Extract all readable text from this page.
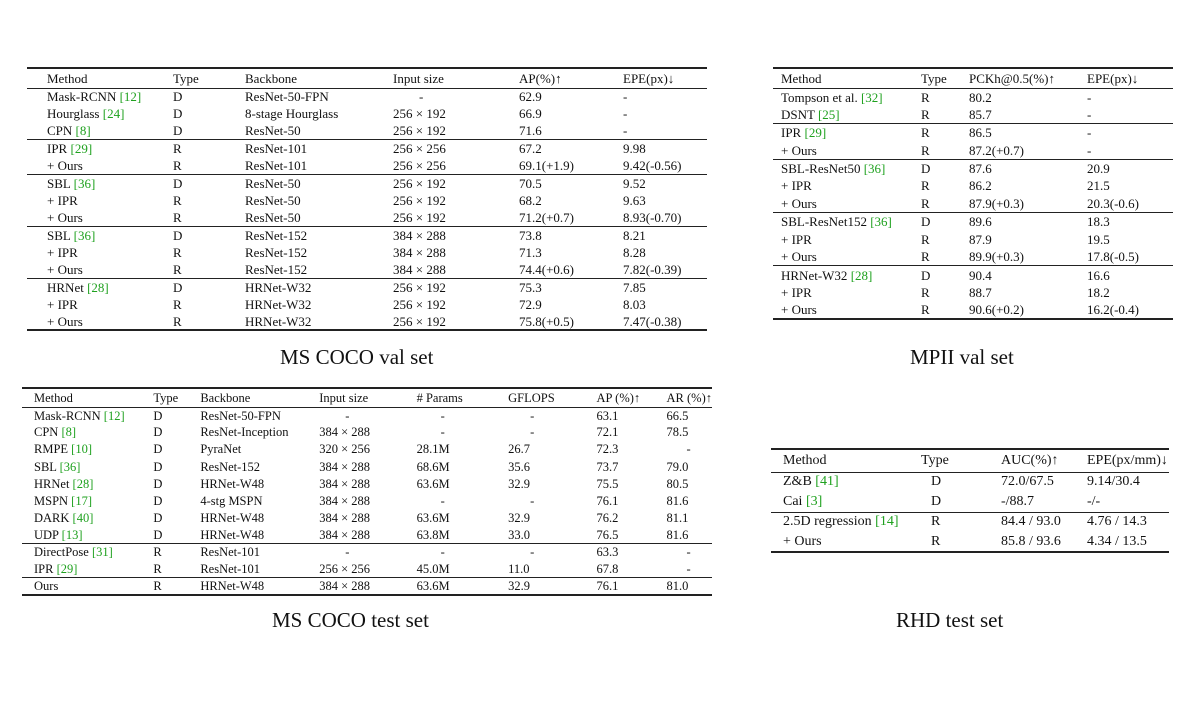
Method	Type	Backbone	Input size	AP(%)↑	EPE(px)↓
Mask-RCNN [12]	D	ResNet-50-FPN	-	62.9	-
Hourglass [24]	D	8-stage Hourglass	256 × 192	66.9	-
CPN [8]	D	ResNet-50	256 × 192	71.6	-
IPR [29]	R	ResNet-101	256 × 256	67.2	9.98
+ Ours	R	ResNet-101	256 × 256	69.1(+1.9)	9.42(-0.56)
SBL [36]	D	ResNet-50	256 × 192	70.5	9.52
+ IPR	R	ResNet-50	256 × 192	68.2	9.63
+ Ours	R	ResNet-50	256 × 192	71.2(+0.7)	8.93(-0.70)
SBL [36]	D	ResNet-152	384 × 288	73.8	8.21
+ IPR	R	ResNet-152	384 × 288	71.3	8.28
+ Ours	R	ResNet-152	384 × 288	74.4(+0.6)	7.82(-0.39)
HRNet [28]	D	HRNet-W32	256 × 192	75.3	7.85
+ IPR	R	HRNet-W32	256 × 192	72.9	8.03
+ Ours	R	HRNet-W32	256 × 192	75.8(+0.5)	7.47(-0.38)
MS COCO val set
Method	Type	PCKh@0.5(%)↑	EPE(px)↓
Tompson et al. [32]	R	80.2	-
DSNT [25]	R	85.7	-
IPR [29]	R	86.5	-
+ Ours	R	87.2(+0.7)	-
SBL-ResNet50 [36]	D	87.6	20.9
+ IPR	R	86.2	21.5
+ Ours	R	87.9(+0.3)	20.3(-0.6)
SBL-ResNet152 [36]	D	89.6	18.3
+ IPR	R	87.9	19.5
+ Ours	R	89.9(+0.3)	17.8(-0.5)
HRNet-W32 [28]	D	90.4	16.6
+ IPR	R	88.7	18.2
+ Ours	R	90.6(+0.2)	16.2(-0.4)
MPII val set
Method	Type	Backbone	Input size	# Params	GFLOPS	AP (%)↑	AR (%)↑
Mask-RCNN [12]	D	ResNet-50-FPN	-	-	-	63.1	66.5
CPN [8]	D	ResNet-Inception	384 × 288	-	-	72.1	78.5
RMPE [10]	D	PyraNet	320 × 256	28.1M	26.7	72.3	-
SBL [36]	D	ResNet-152	384 × 288	68.6M	35.6	73.7	79.0
HRNet [28]	D	HRNet-W48	384 × 288	63.6M	32.9	75.5	80.5
MSPN [17]	D	4-stg MSPN	384 × 288	-	-	76.1	81.6
DARK [40]	D	HRNet-W48	384 × 288	63.6M	32.9	76.2	81.1
UDP [13]	D	HRNet-W48	384 × 288	63.8M	33.0	76.5	81.6
DirectPose [31]	R	ResNet-101	-	-	-	63.3	-
IPR [29]	R	ResNet-101	256 × 256	45.0M	11.0	67.8	-
Ours	R	HRNet-W48	384 × 288	63.6M	32.9	76.1	81.0
MS COCO test set
Method	Type	AUC(%)↑	EPE(px/mm)↓
Z&B [41]	D	72.0/67.5	9.14/30.4
Cai [3]	D	-/88.7	-/-
2.5D regression [14]	R	84.4 / 93.0	4.76 / 14.3
+ Ours	R	85.8 / 93.6	4.34 / 13.5
RHD test set
